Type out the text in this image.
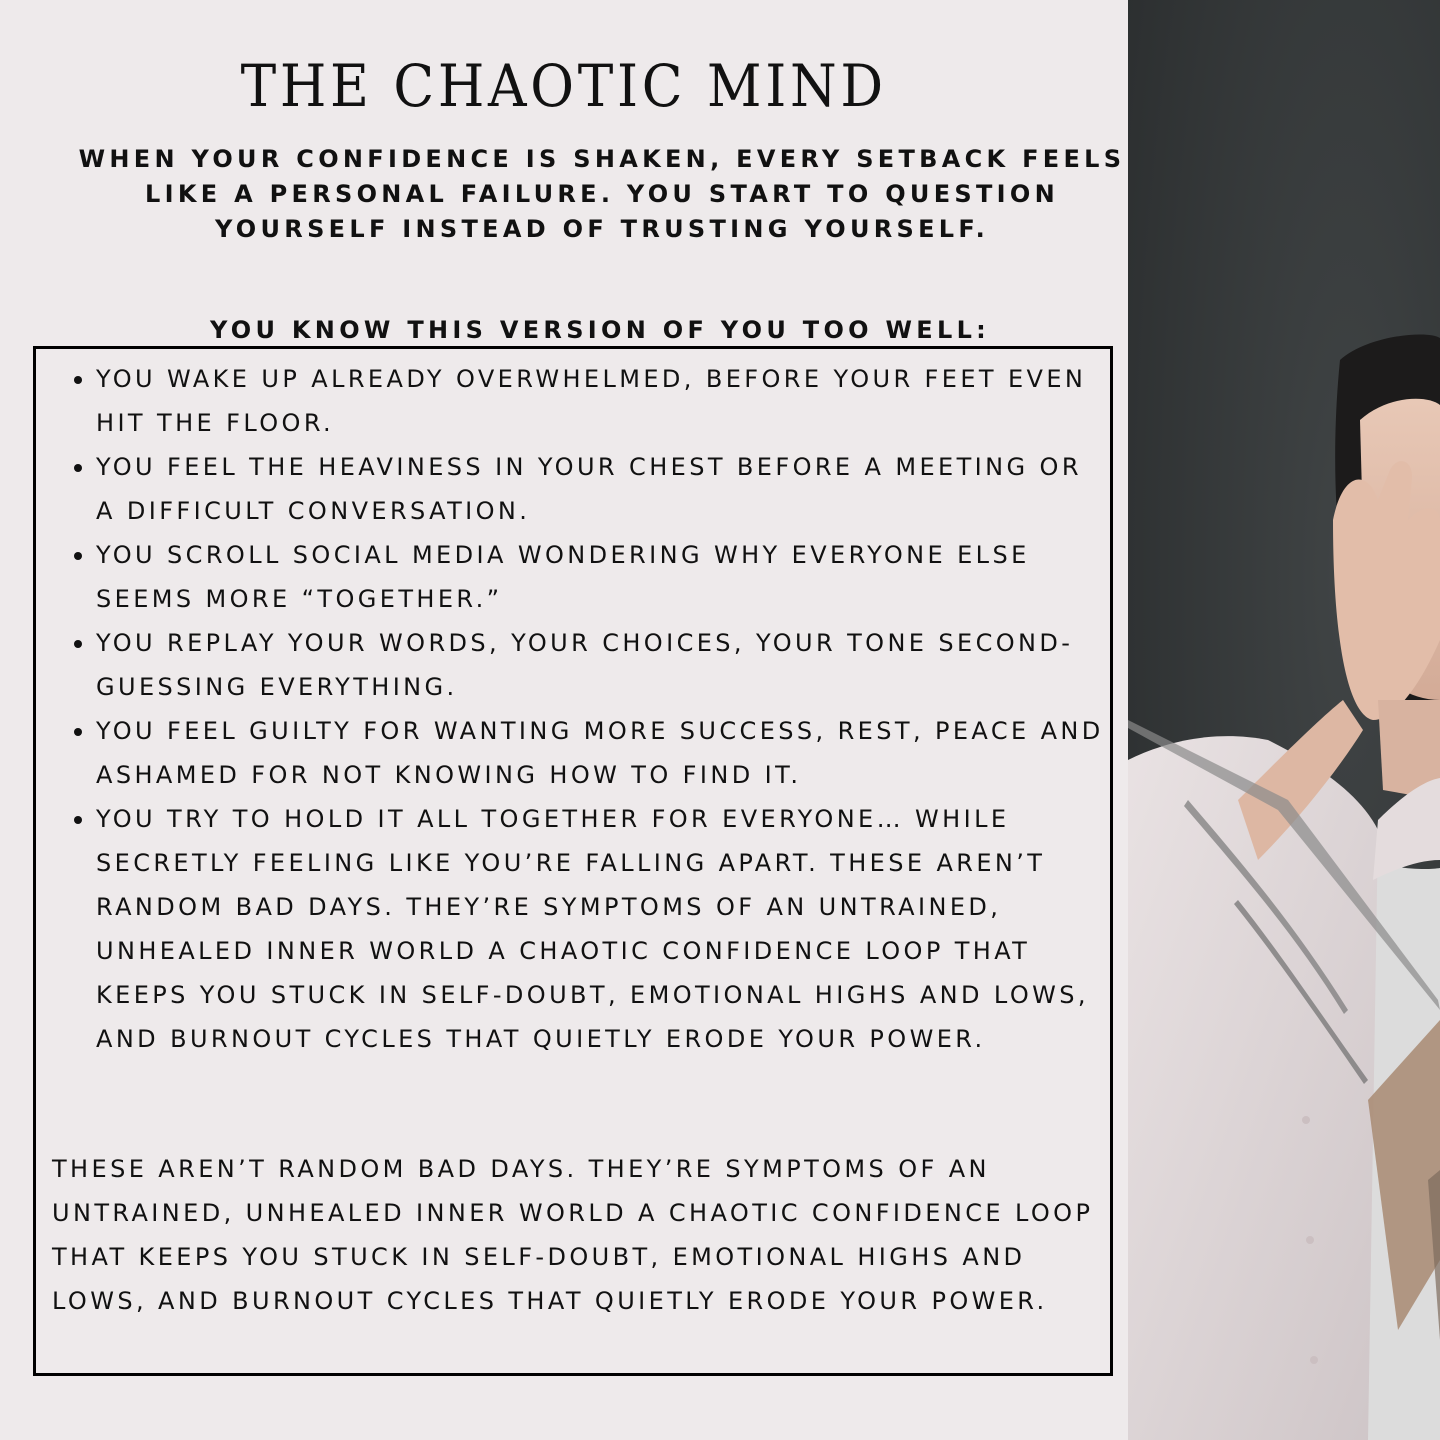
THE CHAOTIC MIND

WHEN YOUR CONFIDENCE IS SHAKEN, EVERY SETBACK FEELS LIKE A PERSONAL FAILURE. YOU START TO QUESTION YOURSELF INSTEAD OF TRUSTING YOURSELF.

YOU KNOW THIS VERSION OF YOU TOO WELL:

YOU WAKE UP ALREADY OVERWHELMED, BEFORE YOUR FEET EVEN HIT THE FLOOR.
YOU FEEL THE HEAVINESS IN YOUR CHEST BEFORE A MEETING OR A DIFFICULT CONVERSATION.
YOU SCROLL SOCIAL MEDIA WONDERING WHY EVERYONE ELSE SEEMS MORE “TOGETHER.”
YOU REPLAY YOUR WORDS, YOUR CHOICES, YOUR TONE SECOND-GUESSING EVERYTHING.
YOU FEEL GUILTY FOR WANTING MORE SUCCESS, REST, PEACE AND ASHAMED FOR NOT KNOWING HOW TO FIND IT.
YOU TRY TO HOLD IT ALL TOGETHER FOR EVERYONE… WHILE SECRETLY FEELING LIKE YOU’RE FALLING APART. THESE AREN’T RANDOM BAD DAYS. THEY’RE SYMPTOMS OF AN UNTRAINED, UNHEALED INNER WORLD A CHAOTIC CONFIDENCE LOOP THAT KEEPS YOU STUCK IN SELF-DOUBT, EMOTIONAL HIGHS AND LOWS, AND BURNOUT CYCLES THAT QUIETLY ERODE YOUR POWER.

THESE AREN’T RANDOM BAD DAYS. THEY’RE SYMPTOMS OF AN UNTRAINED, UNHEALED INNER WORLD A CHAOTIC CONFIDENCE LOOP THAT KEEPS YOU STUCK IN SELF-DOUBT, EMOTIONAL HIGHS AND LOWS, AND BURNOUT CYCLES THAT QUIETLY ERODE YOUR POWER.
